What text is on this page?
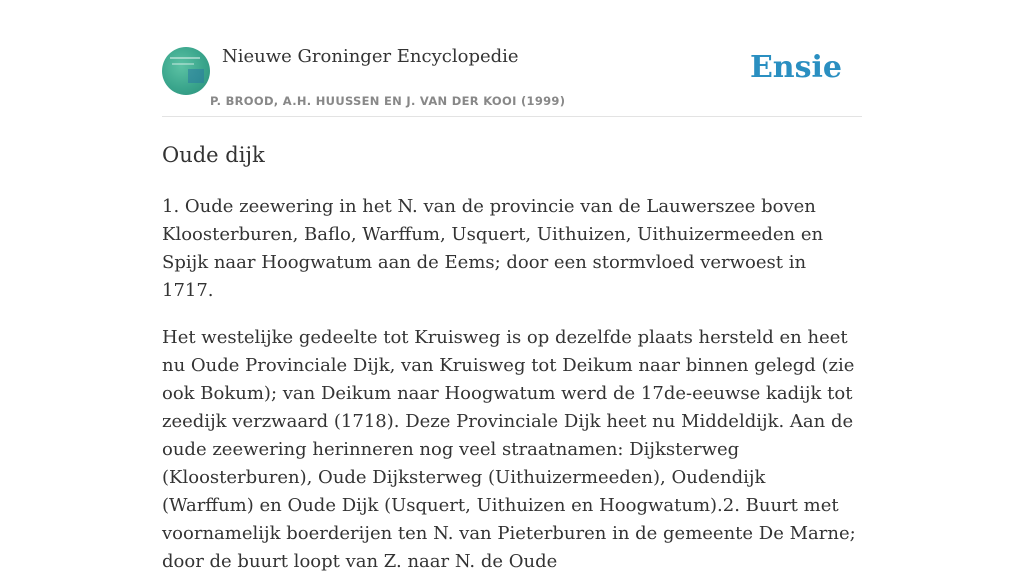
Nieuwe Groninger Encyclopedie
P. BROOD, A.H. HUUSSEN EN J. VAN DER KOOI (1999)
Ensie
Oude dijk

1. Oude zeewering in het N. van de provincie van de Lauwerszee boven Kloosterburen, Baflo, Warffum, Usquert, Uithuizen, Uithuizermeeden en Spijk naar Hoogwatum aan de Eems; door een stormvloed verwoest in 1717.

Het westelijke gedeelte tot Kruisweg is op dezelfde plaats hersteld en heet nu Oude Provinciale Dijk, van Kruisweg tot Deikum naar binnen gelegd (zie ook Bokum); van Deikum naar Hoogwatum werd de 17de-eeuwse kadijk tot zeedijk verzwaard (1718). Deze Provinciale Dijk heet nu Middeldijk. Aan de oude zeewering herinneren nog veel straatnamen: Dijksterweg (Kloosterburen), Oude Dijksterweg (Uithuizermeeden), Oudendijk (Warffum) en Oude Dijk (Usquert, Uithuizen en Hoogwatum).2. Buurt met voornamelijk boerderijen ten N. van Pieterburen in de gemeente De Marne; door de buurt loopt van Z. naar N. de Oude
